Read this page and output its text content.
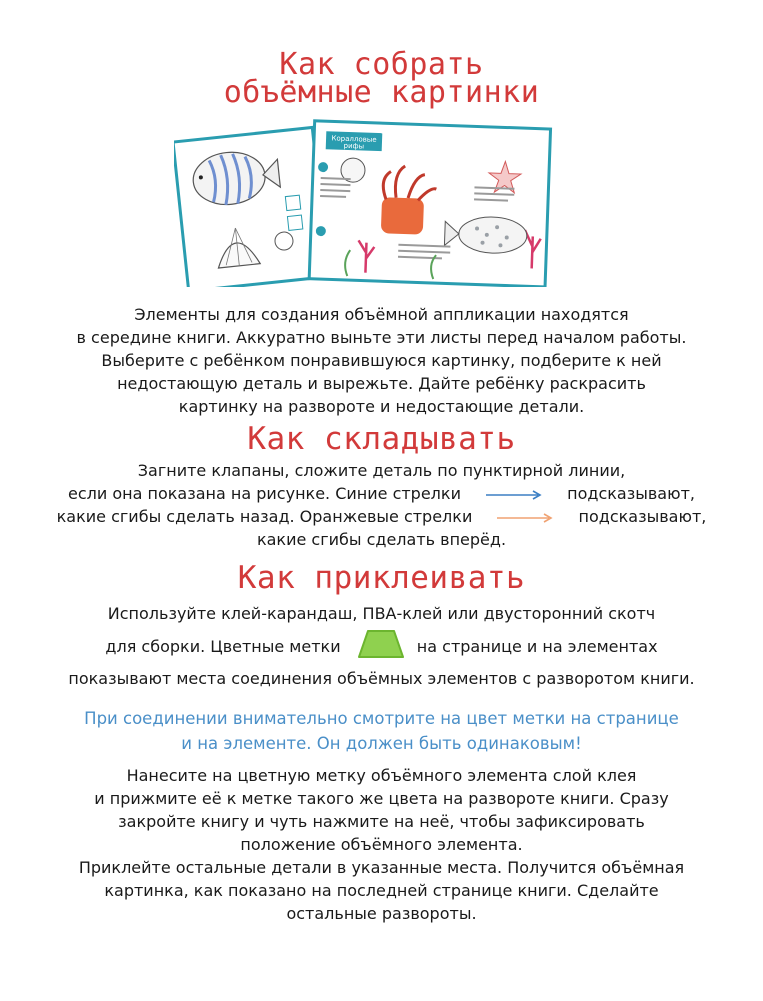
Как собрать
объёмные картинки
Коралловые
рифы

Элементы для создания объёмной аппликации находятся
в середине книги. Аккуратно выньте эти листы перед началом работы.
Выберите с ребёнком понравившуюся картинку, подберите к ней
недостающую деталь и вырежьте. Дайте ребёнку раскрасить
картинку на развороте и недостающие детали.

Как складывать

Загните клапаны, сложите деталь по пунктирной линии,
если она показана на рисунке. Синие стрелки	подсказывают,
какие сгибы сделать назад. Оранжевые стрелки	подсказывают,
какие сгибы сделать вперёд.

Как приклеивать

Используйте клей-карандаш, ПВА-клей или двусторонний скотч
для сборки. Цветные метки	на странице и на элементах
показывают места соединения объёмных элементов с разворотом книги.

При соединении внимательно смотрите на цвет метки на странице
и на элементе. Он должен быть одинаковым!

Нанесите на цветную метку объёмного элемента слой клея
и прижмите её к метке такого же цвета на развороте книги. Сразу
закройте книгу и чуть нажмите на неё, чтобы зафиксировать
положение объёмного элемента.
Приклейте остальные детали в указанные места. Получится объёмная
картинка, как показано на последней странице книги. Сделайте
остальные развороты.
